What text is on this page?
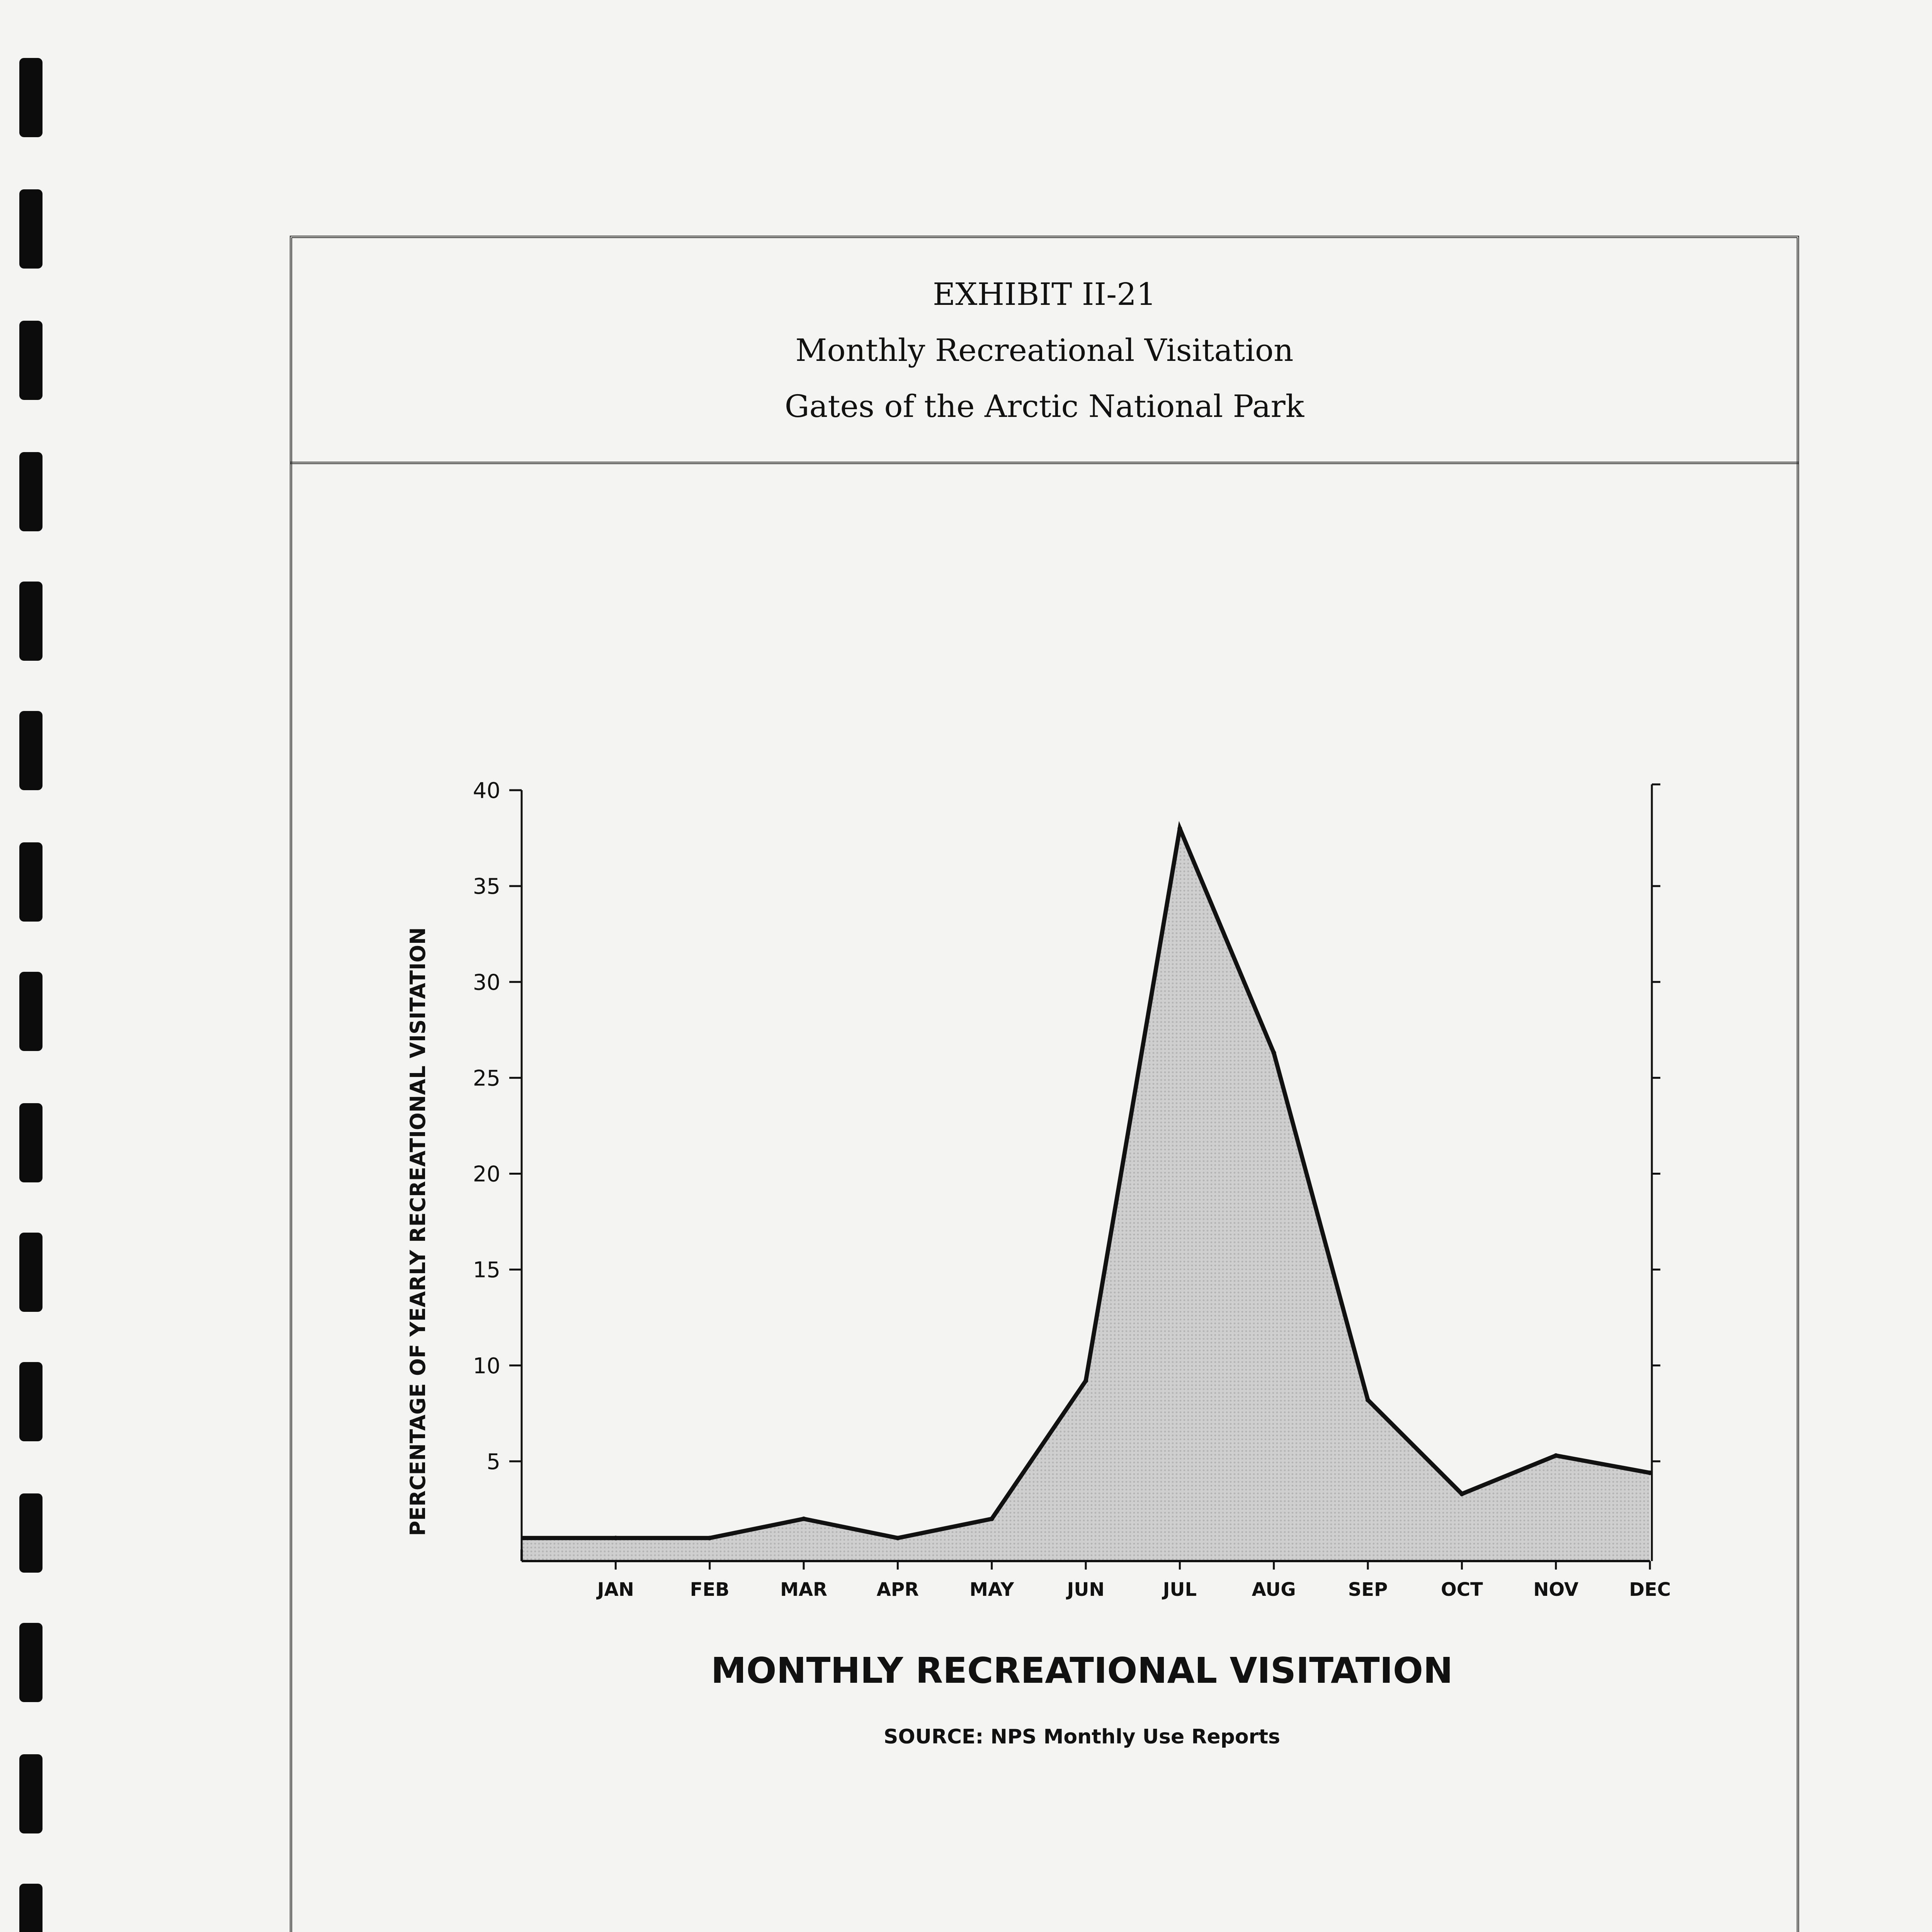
EXHIBIT II-21
Monthly Recreational Visitation
Gates of the Arctic National Park
5
10
15
20
25
30
35
40
JAN	FEB	MAR	APR	MAY	JUN	JUL	AUG	SEP	OCT	NOV	DEC
PERCENTAGE OF YEARLY RECREATIONAL VISITATION
MONTHLY RECREATIONAL VISITATION
SOURCE: NPS Monthly Use Reports
